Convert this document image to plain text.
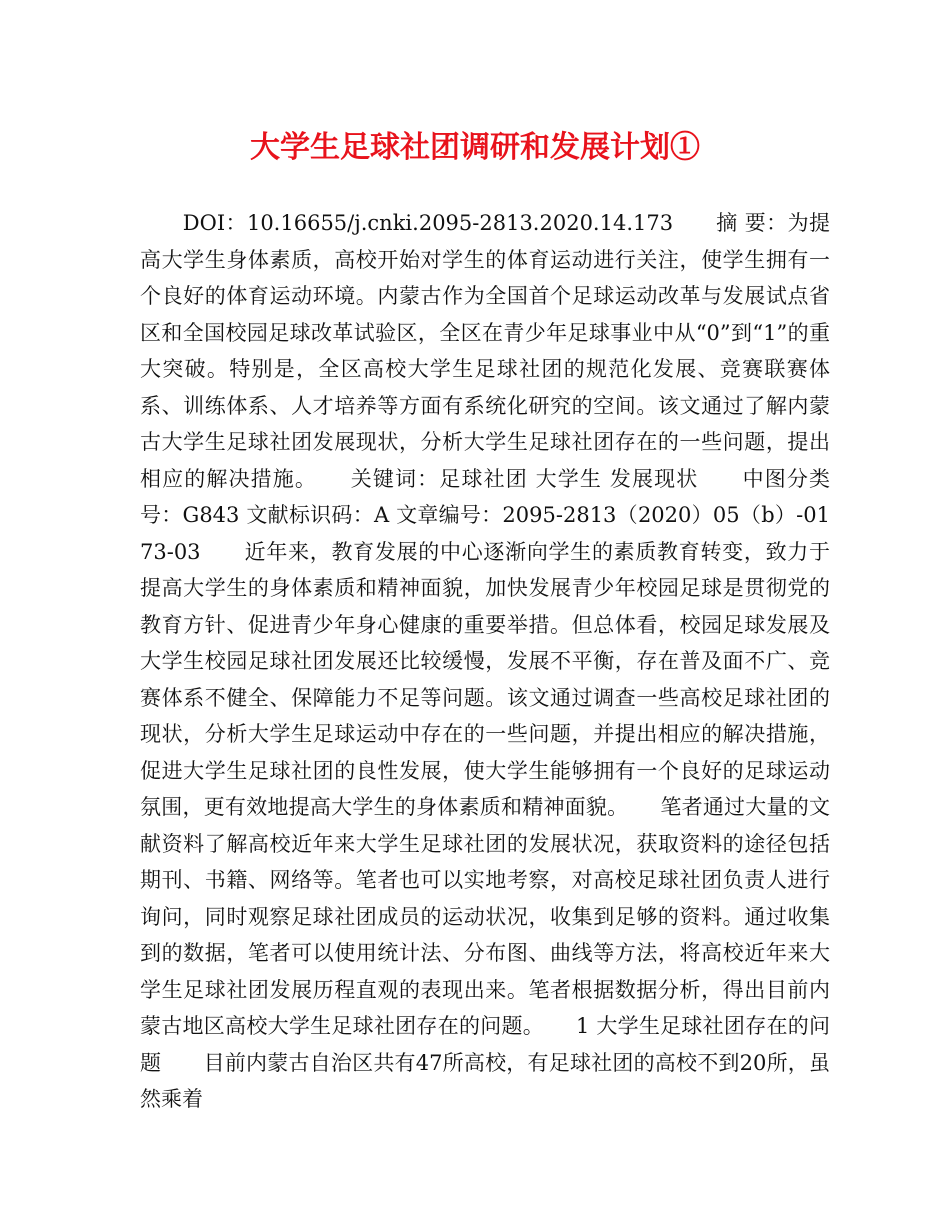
大学生足球社团调研和发展计划①

　　DOI：10.16655/j.cnki.2095-2813.2020.14.173　　摘 要：为提高大学生身体素质，高校开始对学生的体育运动进行关注，使学生拥有一个良好的体育运动环境。内蒙古作为全国首个足球运动改革与发展试点省区和全国校园足球改革试验区，全区在青少年足球事业中从“0”到“1”的重大突破。特别是，全区高校大学生足球社团的规范化发展、竞赛联赛体系、训练体系、人才培养等方面有系统化研究的空间。该文通过了解内蒙古大学生足球社团发展现状，分析大学生足球社团存在的一些问题，提出相应的解决措施。　　关键词：足球社团 大学生 发展现状　　中图分类号：G843 文献标识码：A 文章编号：2095-2813（2020）05（b）-0173-03　　近年来，教育发展的中心逐渐向学生的素质教育转变，致力于提高大学生的身体素质和精神面貌，加快发展青少年校园足球是贯彻党的教育方针、促进青少年身心健康的重要举措。但总体看，校园足球发展及大学生校园足球社团发展还比较缓慢，发展不平衡，存在普及面不广、竞赛体系不健全、保障能力不足等问题。该文通过调查一些高校足球社团的现状，分析大学生足球运动中存在的一些问题，并提出相应的解决措施，促进大学生足球社团的良性发展，使大学生能够拥有一个良好的足球运动氛围，更有效地提高大学生的身体素质和精神面貌。　　笔者通过大量的文献资料了解高校近年来大学生足球社团的发展状况，获取资料的途径包括期刊、书籍、网络等。笔者也可以实地考察，对高校足球社团负责人进行询问，同时观察足球社团成员的运动状况，收集到足够的资料。通过收集到的数据，笔者可以使用统计法、分布图、曲线等方法，将高校近年来大学生足球社团发展历程直观的表现出来。笔者根据数据分析，得出目前内蒙古地区高校大学生足球社团存在的问题。　　1 大学生足球社团存在的问题　　目前内蒙古自治区共有47所高校，有足球社团的高校不到20所，虽然乘着
